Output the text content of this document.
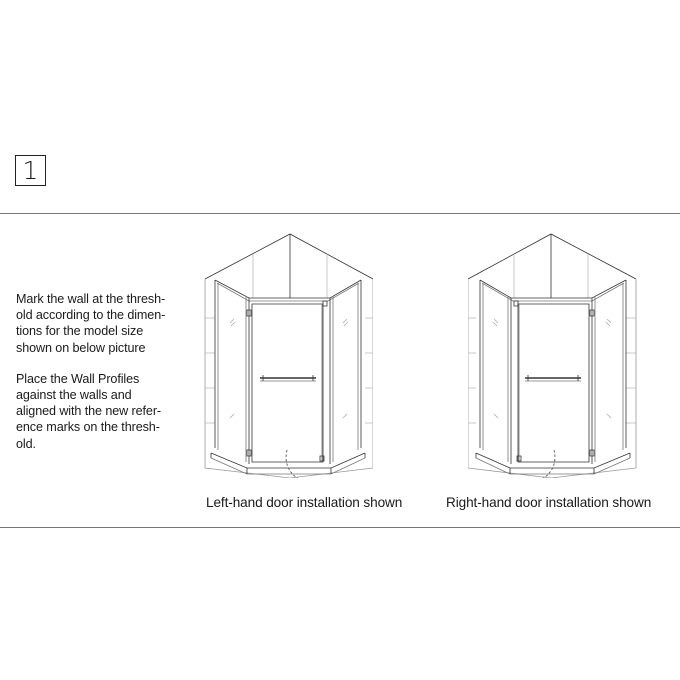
1

Mark the wall at the thresh-
old according to the dimen-
tions for the model size
shown on below picture

Place the Wall Profiles
against the walls and
aligned with the new refer-
ence marks on the thresh-
old.

Left-hand door installation shown	Right-hand door installation shown
